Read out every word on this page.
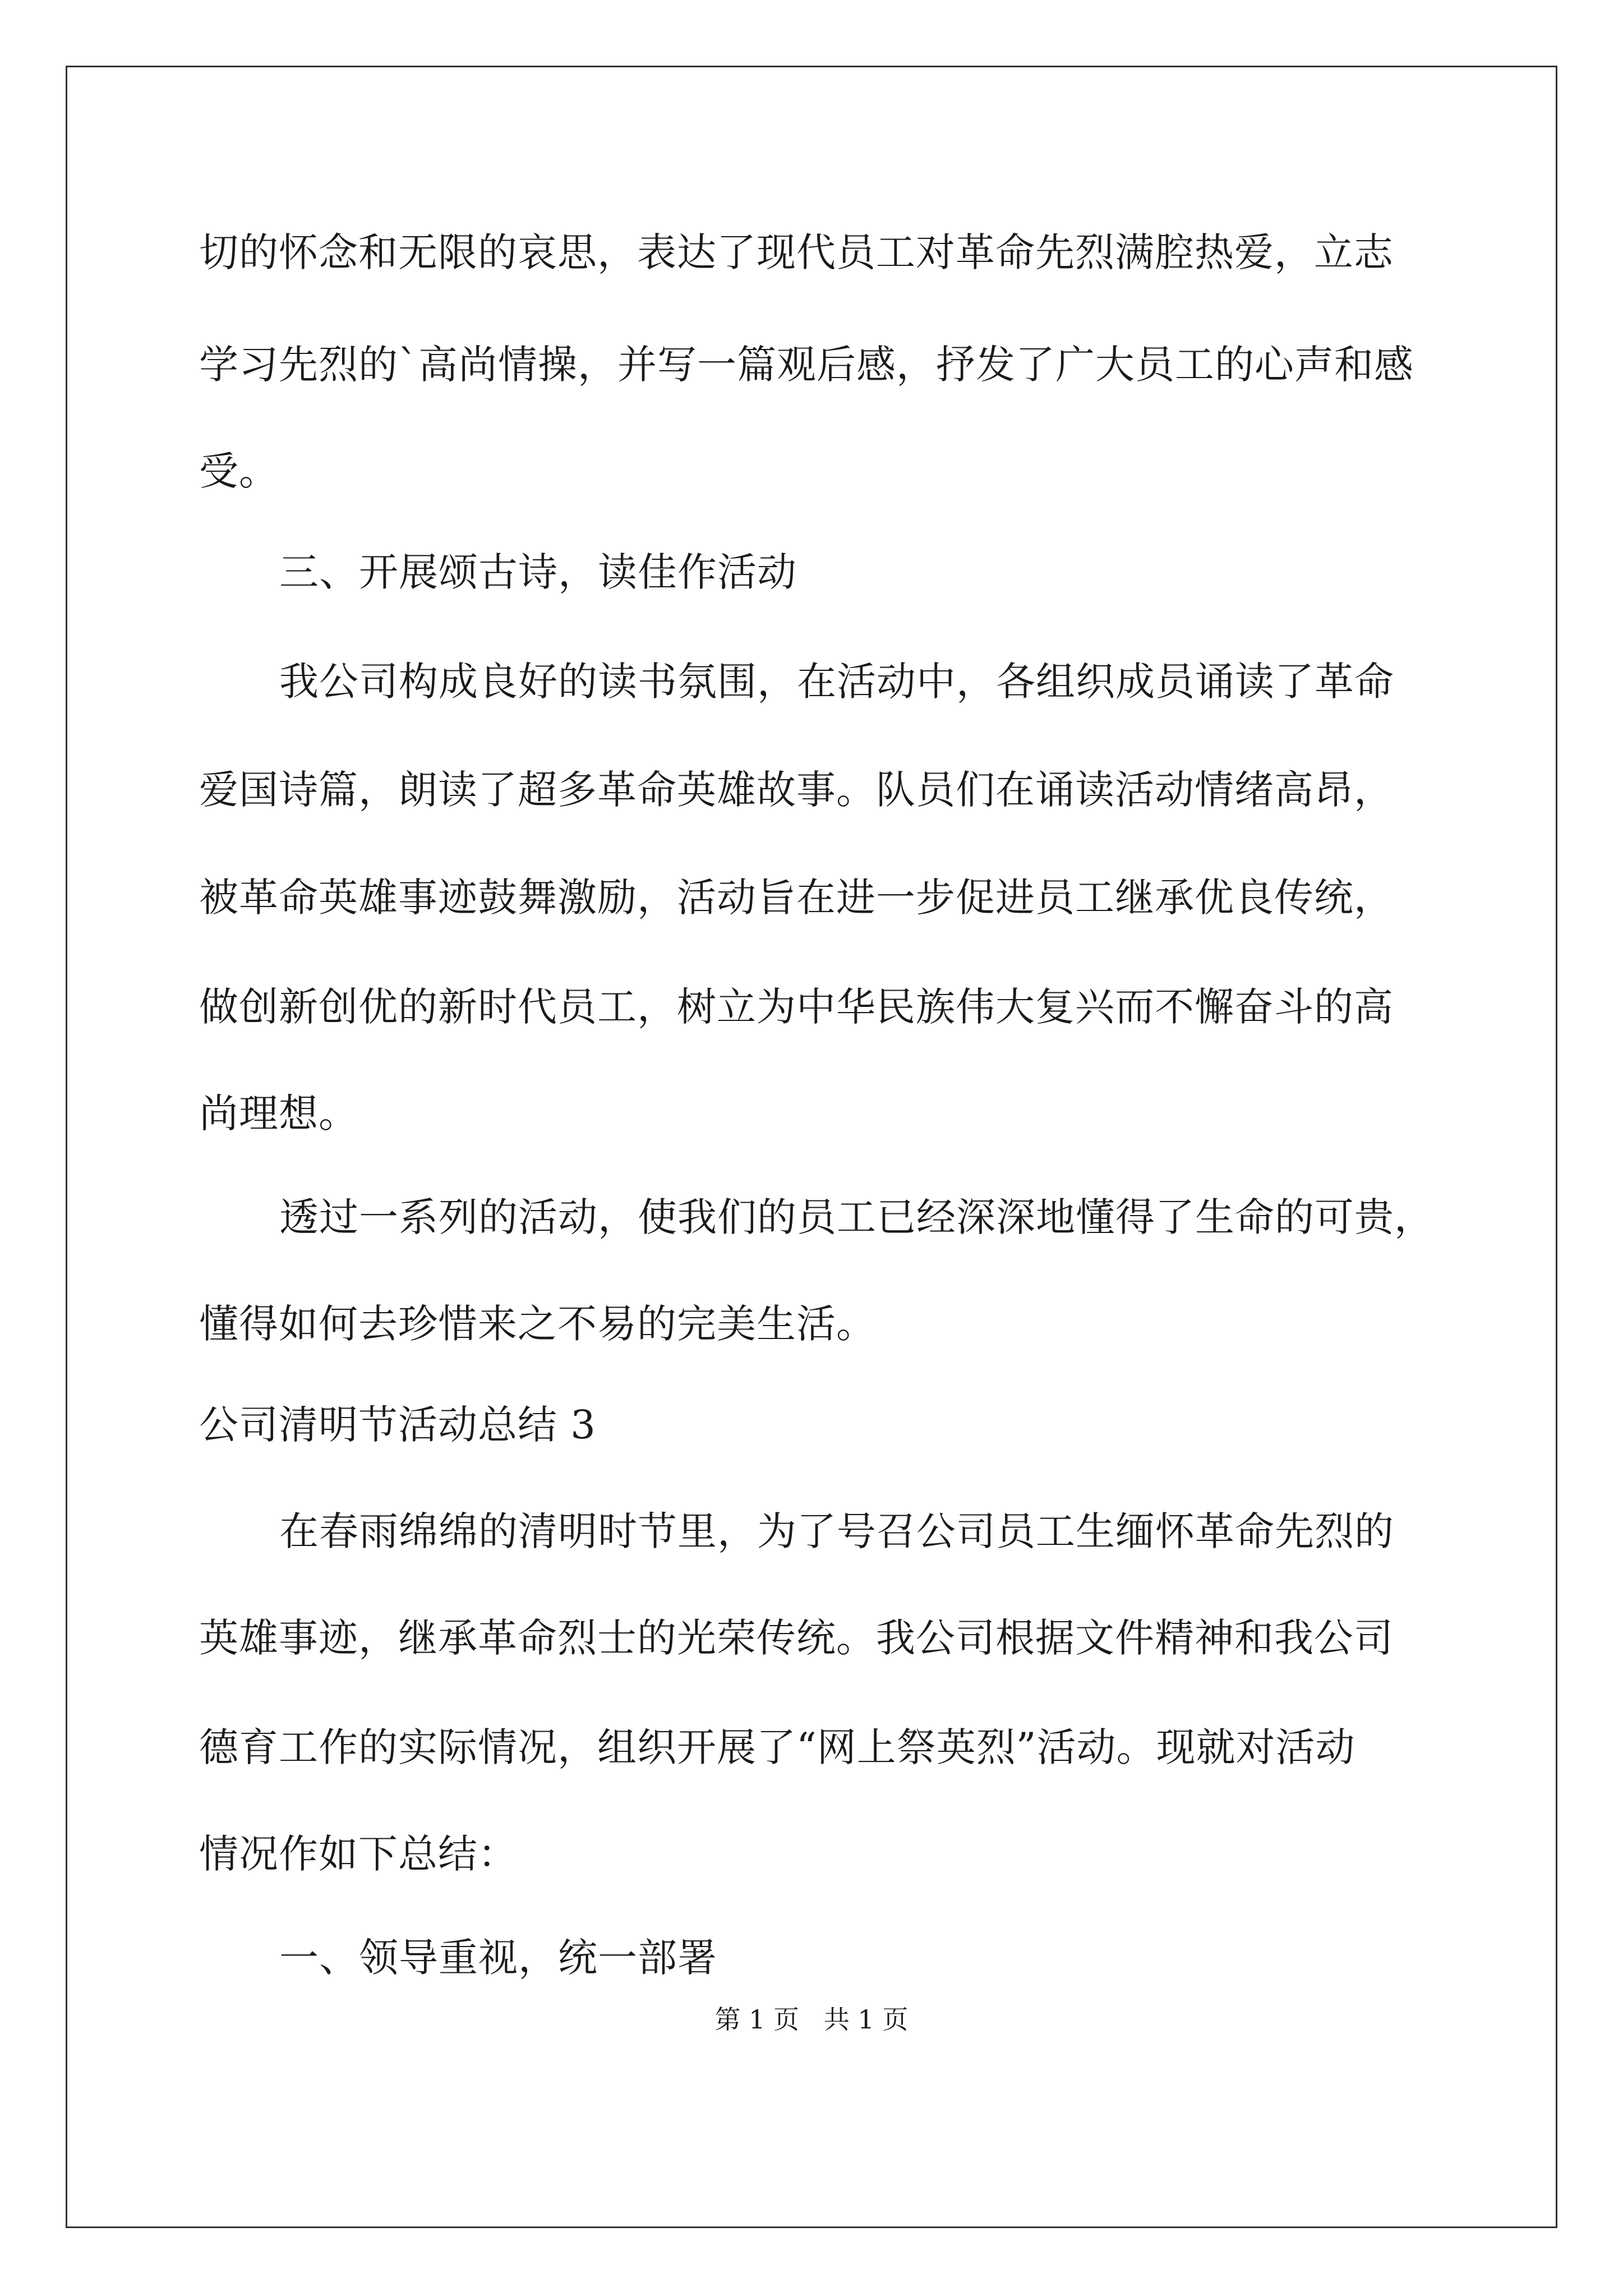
切的怀念和无限的哀思，表达了现代员工对革命先烈满腔热爱，立志
学习先烈的`高尚情操，并写一篇观后感，抒发了广大员工的心声和感
受。
三、开展颂古诗，读佳作活动
我公司构成良好的读书氛围，在活动中，各组织成员诵读了革命
爱国诗篇，朗读了超多革命英雄故事。队员们在诵读活动情绪高昂，
被革命英雄事迹鼓舞激励，活动旨在进一步促进员工继承优良传统，
做创新创优的新时代员工，树立为中华民族伟大复兴而不懈奋斗的高
尚理想。
透过一系列的活动，使我们的员工已经深深地懂得了生命的可贵，
懂得如何去珍惜来之不易的完美生活。
公司清明节活动总结 3
在春雨绵绵的清明时节里，为了号召公司员工生缅怀革命先烈的
英雄事迹，继承革命烈士的光荣传统。我公司根据文件精神和我公司
德育工作的实际情况，组织开展了“网上祭英烈”活动。现就对活动
情况作如下总结：
一、领导重视，统一部署
第 1 页   共 1 页
